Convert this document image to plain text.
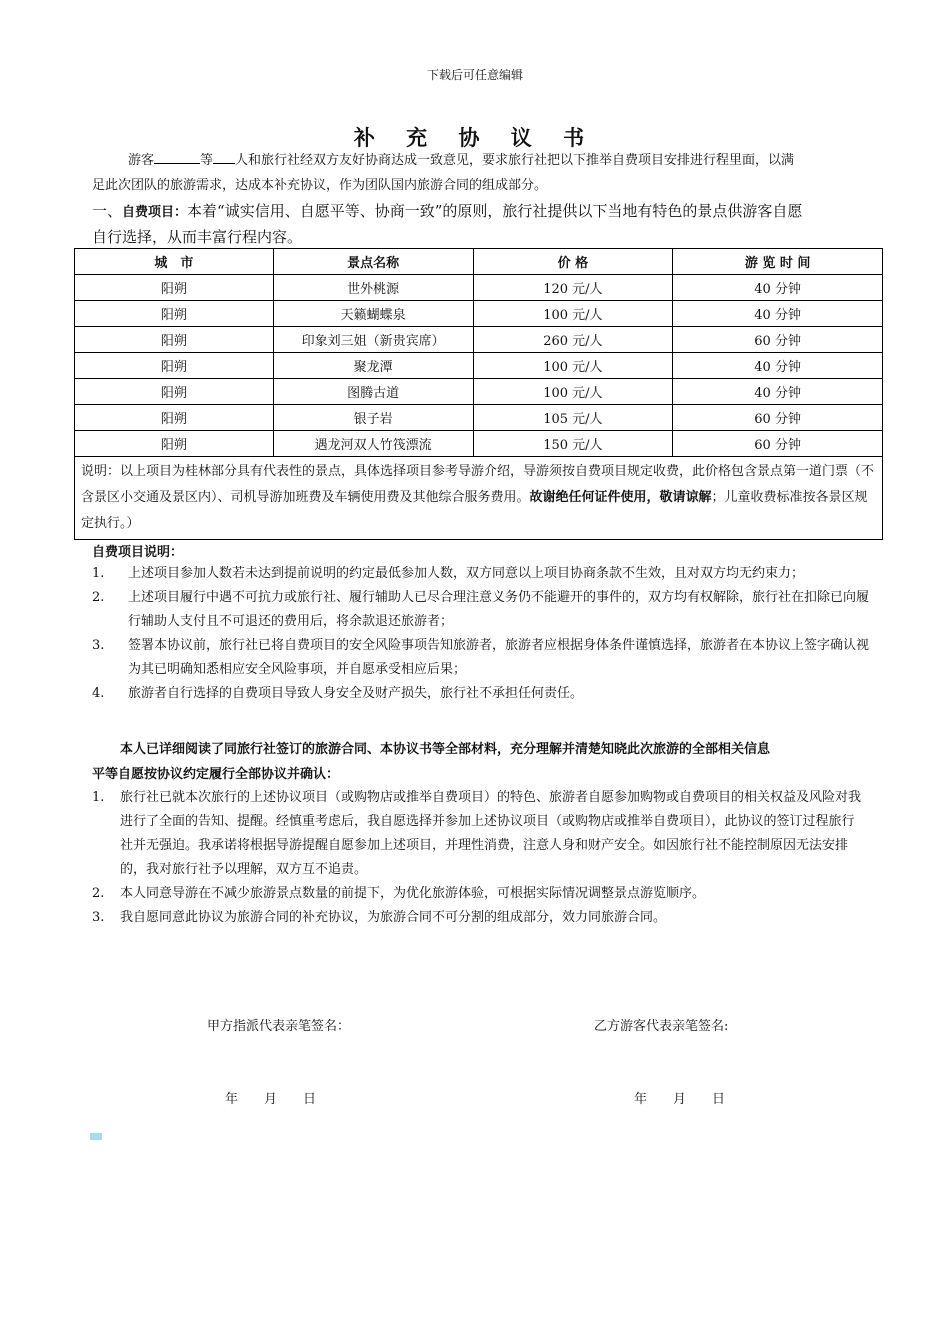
下载后可任意编辑
补 充 协 议 书
游客	等 人和旅行社经双方友好协商达成一致意见，要求旅行社把以下推举自费项目安排进行程里面，以满
足此次团队的旅游需求，达成本补充协议，作为团队国内旅游合同的组成部分。
一、自费项目：本着“诚实信用、自愿平等、协商一致”的原则，旅行社提供以下当地有特色的景点供游客自愿
自行选择，从而丰富行程内容。
城　市	景点名称	价 格	游 览 时 间
阳朔	世外桃源	120 元/人	40 分钟
阳朔	天籁蝴蝶泉	100 元/人	40 分钟
阳朔	印象刘三姐（新贵宾席）	260 元/人	60 分钟
阳朔	聚龙潭	100 元/人	40 分钟
阳朔	图腾古道	100 元/人	40 分钟
阳朔	银子岩	105 元/人	60 分钟
阳朔	遇龙河双人竹筏漂流	150 元/人	60 分钟
说明：以上项目为桂林部分具有代表性的景点，具体选择项目参考导游介绍，导游须按自费项目规定收费，此价格包含景点第一道门票（不含景区小交通及景区内）、司机导游加班费及车辆使用费及其他综合服务费用。故谢绝任何证件使用，敬请谅解；儿童收费标准按各景区规定执行。）			
自费项目说明：
1. 上述项目参加人数若未达到提前说明的约定最低参加人数，双方同意以上项目协商条款不生效，且对双方均无约束力；
2. 上述项目履行中遇不可抗力或旅行社、履行辅助人已尽合理注意义务仍不能避开的事件的，双方均有权解除，旅行社在扣除已向履行辅助人支付且不可退还的费用后，将余款退还旅游者；
3. 签署本协议前，旅行社已将自费项目的安全风险事项告知旅游者，旅游者应根据身体条件谨慎选择，旅游者在本协议上签字确认视为其已明确知悉相应安全风险事项，并自愿承受相应后果；
4. 旅游者自行选择的自费项目导致人身安全及财产损失，旅行社不承担任何责任。
本人已详细阅读了同旅行社签订的旅游合同、本协议书等全部材料，充分理解并清楚知晓此次旅游的全部相关信息
平等自愿按协议约定履行全部协议并确认：
1. 旅行社已就本次旅行的上述协议项目（或购物店或推举自费项目）的特色、旅游者自愿参加购物或自费项目的相关权益及风险对我进行了全面的告知、提醒。经慎重考虑后，我自愿选择并参加上述协议项目（或购物店或推举自费项目），此协议的签订过程旅行社并无强迫。我承诺将根据导游提醒自愿参加上述项目，并理性消费，注意人身和财产安全。如因旅行社不能控制原因无法安排的，我对旅行社予以理解，双方互不追责。
2. 本人同意导游在不减少旅游景点数量的前提下，为优化旅游体验，可根据实际情况调整景点游览顺序。
3. 我自愿同意此协议为旅游合同的补充协议，为旅游合同不可分割的组成部分，效力同旅游合同。
甲方指派代表亲笔签名：	乙方游客代表亲笔签名:
年　　月　　日	年　　月　　日
